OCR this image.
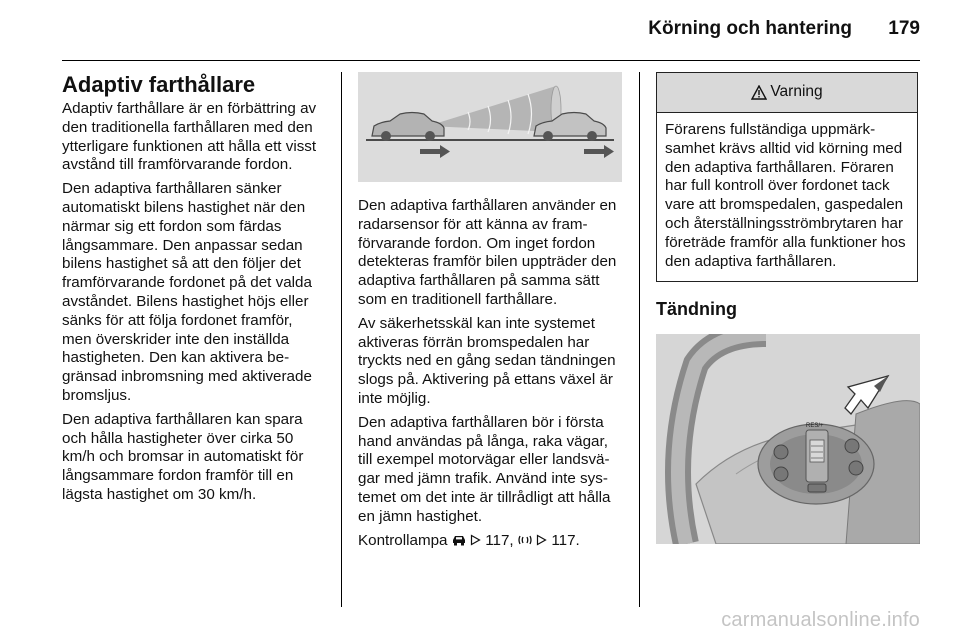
Körning och hantering 179
Adaptiv farthållare

Adaptiv farthållare är en förbättring av den traditionella farthållaren med den ytterligare funktionen att hålla ett visst avstånd till framförvarande fordon.

Den adaptiva farthållaren sänker automatiskt bilens hastighet när den närmar sig ett fordon som färdas långsammare. Den anpassar sedan bilens hastighet så att den följer det framförvarande fordonet på det valda avståndet. Bilens hastighet höjs eller sänks för att följa fordonet framför, men överskrider inte den inställda hastigheten. Den kan aktivera begränsad inbromsning med aktiverade bromsljus.

Den adaptiva farthållaren kan spara och hålla hastigheter över cirka 50 km/h och bromsar in automatiskt för långsammare fordon framför till en lägsta hastighet om 30 km/h.

Den adaptiva farthållaren använder en radarsensor för att känna av framförvarande fordon. Om inget fordon detekteras framför bilen uppträder den adaptiva farthållaren på samma sätt som en traditionell farthållare.

Av säkerhetsskäl kan inte systemet aktiveras förrän bromspedalen har tryckts ned en gång sedan tändningen slogs på. Aktivering på ettans växel är inte möjlig.

Den adaptiva farthållaren bör i första hand användas på långa, raka vägar, till exempel motorvägar eller landsvägar med jämn trafik. Använd inte systemet om det inte är tillrådligt att hålla en jämn hastighet.

Kontrollampa 117, 117.

Varning
Förarens fullständiga uppmärksamhet krävs alltid vid körning med den adaptiva farthållaren. Föraren har full kontroll över fordonet tack vare att bromspedalen, gaspedalen och återställningsströmbrytaren har företräde framför alla funktioner hos den adaptiva farthållaren.
Tändning
RES/+
carmanualsonline.info
